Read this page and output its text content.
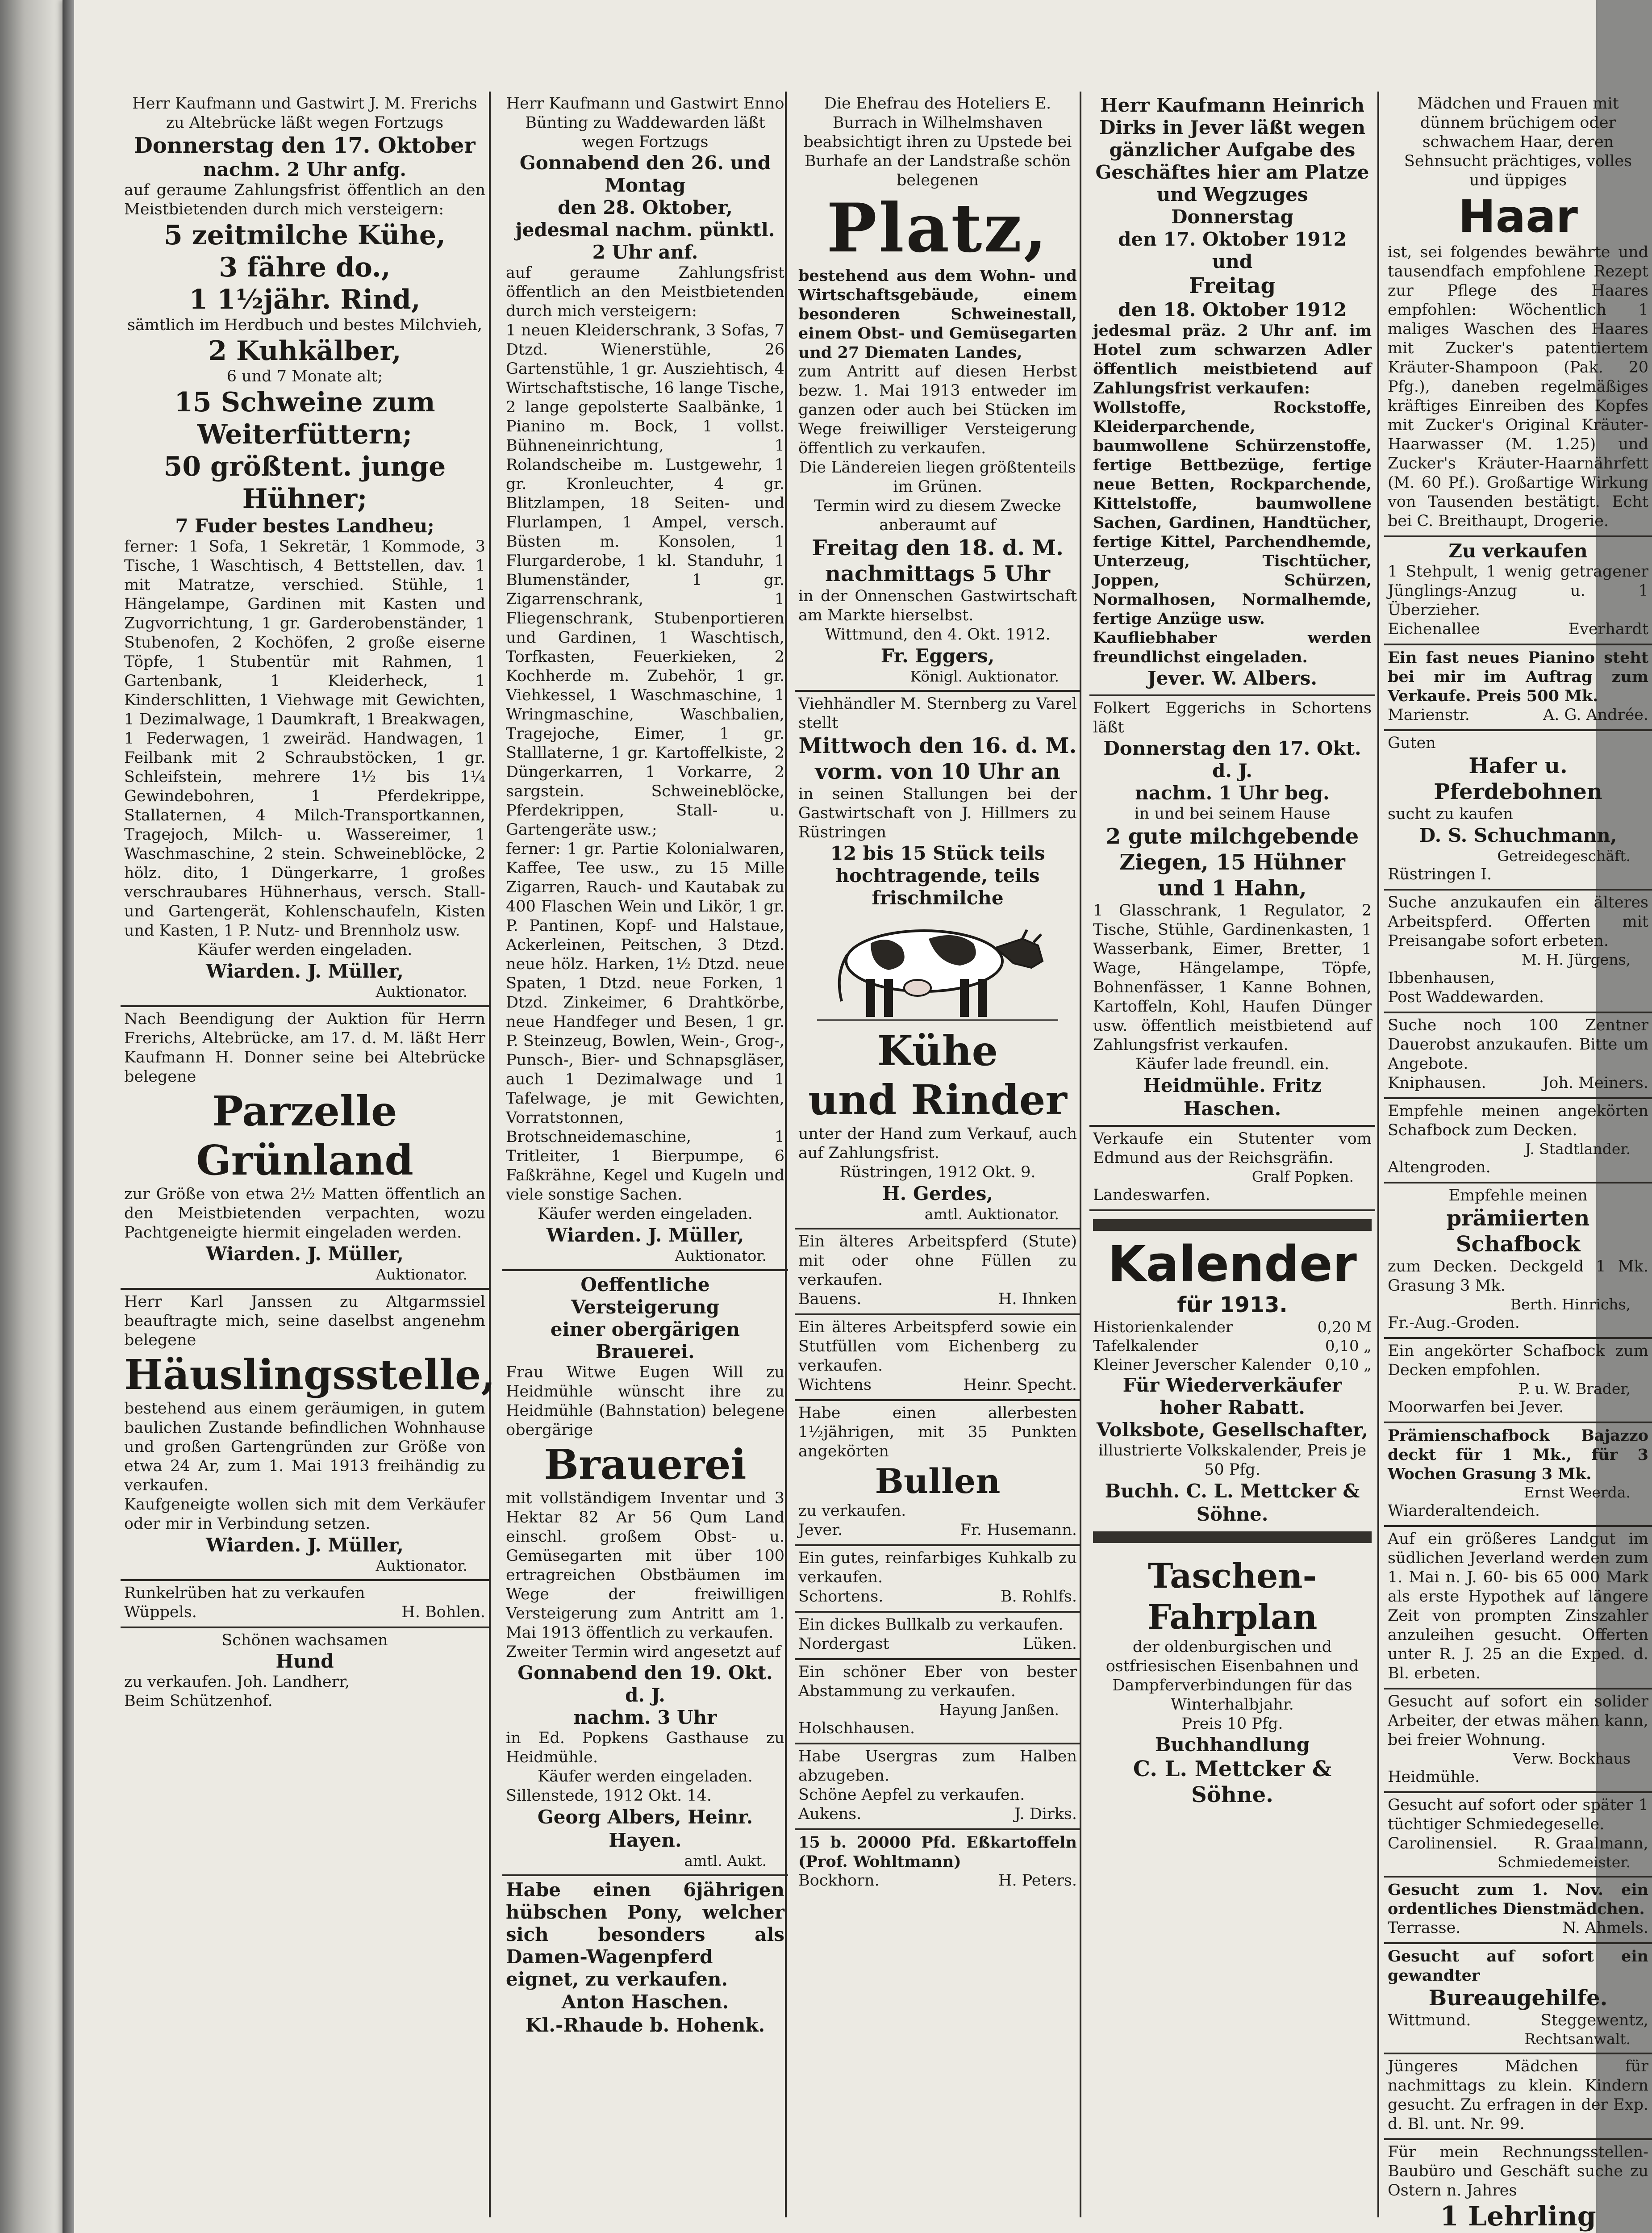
Herr Kaufmann und Gastwirt J. M. Frerichs zu Altebrücke läßt wegen Fortzugs
Donnerstag den 17. Oktober
nachm. 2 Uhr anfg.
auf geraume Zahlungsfrist öffentlich an den Meistbietenden durch mich versteigern:
5 zeitmilche Kühe,
3 fähre do.,
1 1½jähr. Rind,
sämtlich im Herdbuch und bestes Milchvieh,
2 Kuhkälber,
6 und 7 Monate alt;
15 Schweine zum Weiterfüttern;
50 größtent. junge Hühner;
7 Fuder bestes Landheu;
ferner: 1 Sofa, 1 Sekretär, 1 Kommode, 3 Tische, 1 Waschtisch, 4 Bettstellen, dav. 1 mit Matratze, verschied. Stühle, 1 Hängelampe, Gardinen mit Kasten und Zugvorrichtung, 1 gr. Garderobenständer, 1 Stubenofen, 2 Kochöfen, 2 große eiserne Töpfe, 1 Stubentür mit Rahmen, 1 Gartenbank, 1 Kleiderheck, 1 Kinderschlitten, 1 Viehwage mit Gewichten, 1 Dezimalwage, 1 Daumkraft, 1 Breakwagen, 1 Federwagen, 1 zweiräd. Handwagen, 1 Feilbank mit 2 Schraubstöcken, 1 gr. Schleifstein, mehrere 1½ bis 1¼ Gewindebohren, 1 Pferdekrippe, Stallaternen, 4 Milch-Transportkannen, Tragejoch, Milch- u. Wassereimer, 1 Waschmaschine, 2 stein. Schweineblöcke, 2 hölz. dito, 1 Düngerkarre, 1 großes verschraubares Hühnerhaus, versch. Stall- und Gartengerät, Kohlenschaufeln, Kisten und Kasten, 1 P. Nutz- und Brennholz usw.
Käufer werden eingeladen.
Wiarden. J. Müller,
Auktionator.
Nach Beendigung der Auktion für Herrn Frerichs, Altebrücke, am 17. d. M. läßt Herr Kaufmann H. Donner seine bei Altebrücke belegene
Parzelle Grünland
zur Größe von etwa 2½ Matten öffentlich an den Meistbietenden verpachten, wozu Pachtgeneigte hiermit eingeladen werden.
Wiarden. J. Müller,
Auktionator.
Herr Karl Janssen zu Altgarmssiel beauftragte mich, seine daselbst angenehm belegene
Häuslingsstelle,
bestehend aus einem geräumigen, in gutem baulichen Zustande befindlichen Wohnhause und großen Gartengründen zur Größe von etwa 24 Ar, zum 1. Mai 1913 freihändig zu verkaufen.
Kaufgeneigte wollen sich mit dem Verkäufer oder mir in Verbindung setzen.
Wiarden. J. Müller,
Auktionator.
Runkelrüben hat zu verkaufen
Wüppels.	H. Bohlen.
Schönen wachsamen
Hund
zu verkaufen. Joh. Landherr,
Beim Schützenhof.
Herr Kaufmann und Gastwirt Enno Bünting zu Waddewarden läßt wegen Fortzugs
Gonnabend den 26. und Montag
den 28. Oktober,
jedesmal nachm. pünktl. 2 Uhr anf.
auf geraume Zahlungsfrist öffentlich an den Meistbietenden durch mich versteigern:
1 neuen Kleiderschrank, 3 Sofas, 7 Dtzd. Wienerstühle, 26 Gartenstühle, 1 gr. Ausziehtisch, 4 Wirtschaftstische, 16 lange Tische, 2 lange gepolsterte Saalbänke, 1 Pianino m. Bock, 1 vollst. Bühneneinrichtung, 1 Rolandscheibe m. Lustgewehr, 1 gr. Kronleuchter, 4 gr. Blitzlampen, 18 Seiten- und Flurlampen, 1 Ampel, versch. Büsten m. Konsolen, 1 Flurgarderobe, 1 kl. Standuhr, 1 Blumenständer, 1 gr. Zigarrenschrank, 1 Fliegenschrank, Stubenportieren und Gardinen, 1 Waschtisch, Torfkasten, Feuerkieken, 2 Kochherde m. Zubehör, 1 gr. Viehkessel, 1 Waschmaschine, 1 Wringmaschine, Waschbalien, Tragejoche, Eimer, 1 gr. Stalllaterne, 1 gr. Kartoffelkiste, 2 Düngerkarren, 1 Vorkarre, 2 sargstein. Schweineblöcke, Pferdekrippen, Stall- u. Gartengeräte usw.;
ferner: 1 gr. Partie Kolonialwaren, Kaffee, Tee usw., zu 15 Mille Zigarren, Rauch- und Kautabak zu 400 Flaschen Wein und Likör, 1 gr. P. Pantinen, Kopf- und Halstaue, Ackerleinen, Peitschen, 3 Dtzd. neue hölz. Harken, 1½ Dtzd. neue Spaten, 1 Dtzd. neue Forken, 1 Dtzd. Zinkeimer, 6 Drahtkörbe, neue Handfeger und Besen, 1 gr. P. Steinzeug, Bowlen, Wein-, Grog-, Punsch-, Bier- und Schnapsgläser, auch 1 Dezimalwage und 1 Tafelwage, je mit Gewichten, Vorratstonnen, Brotschneidemaschine, 1 Tritleiter, 1 Bierpumpe, 6 Faßkrähne, Kegel und Kugeln und viele sonstige Sachen.
Käufer werden eingeladen.
Wiarden. J. Müller,
Auktionator.
Oeffentliche Versteigerung
einer obergärigen Brauerei.
Frau Witwe Eugen Will zu Heidmühle wünscht ihre zu Heidmühle (Bahnstation) belegene obergärige
Brauerei
mit vollständigem Inventar und 3 Hektar 82 Ar 56 Qum Land einschl. großem Obst- u. Gemüsegarten mit über 100 ertragreichen Obstbäumen im Wege der freiwilligen Versteigerung zum Antritt am 1. Mai 1913 öffentlich zu verkaufen.
Zweiter Termin wird angesetzt auf
Gonnabend den 19. Okt. d. J.
nachm. 3 Uhr
in Ed. Popkens Gasthause zu Heidmühle.
Käufer werden eingeladen.
Sillenstede, 1912 Okt. 14.
Georg Albers, Heinr. Hayen.
amtl. Aukt.
Habe einen 6jährigen hübschen Pony, welcher sich besonders als Damen-Wagenpferd eignet, zu verkaufen.
Anton Haschen.
Kl.-Rhaude b. Hohenk.
Die Ehefrau des Hoteliers E. Burrach in Wilhelmshaven beabsichtigt ihren zu Upstede bei Burhafe an der Landstraße schön belegenen
Platz,
bestehend aus dem Wohn- und Wirtschaftsgebäude, einem besonderen Schweinestall, einem Obst- und Gemüsegarten und 27 Diematen Landes,
zum Antritt auf diesen Herbst bezw. 1. Mai 1913 entweder im ganzen oder auch bei Stücken im Wege freiwilliger Versteigerung öffentlich zu verkaufen.
Die Ländereien liegen größtenteils im Grünen.
Termin wird zu diesem Zwecke anberaumt auf
Freitag den 18. d. M.
nachmittags 5 Uhr
in der Onnenschen Gastwirtschaft am Markte hierselbst.
Wittmund, den 4. Okt. 1912.
Fr. Eggers,
Königl. Auktionator.
Viehhändler M. Sternberg zu Varel stellt
Mittwoch den 16. d. M.
vorm. von 10 Uhr an
in seinen Stallungen bei der Gastwirtschaft von J. Hillmers zu Rüstringen
12 bis 15 Stück teils hochtragende, teils frischmilche
Kühe
und Rinder
unter der Hand zum Verkauf, auch auf Zahlungsfrist.
Rüstringen, 1912 Okt. 9.
H. Gerdes,
amtl. Auktionator.
Ein älteres Arbeitspferd (Stute) mit oder ohne Füllen zu verkaufen.
Bauens.	H. Ihnken
Ein älteres Arbeitspferd sowie ein Stutfüllen vom Eichenberg zu verkaufen.
Wichtens	Heinr. Specht.
Habe einen allerbesten 1½jährigen, mit 35 Punkten angekörten
Bullen
zu verkaufen.
Jever.	Fr. Husemann.
Ein gutes, reinfarbiges Kuhkalb zu verkaufen.
Schortens.	B. Rohlfs.
Ein dickes Bullkalb zu verkaufen.
Nordergast	Lüken.
Ein schöner Eber von bester Abstammung zu verkaufen.
Hayung Janßen.
Holschhausen.
Habe Usergras zum Halben abzugeben.
Schöne Aepfel zu verkaufen.
Aukens.	J. Dirks.
15 b. 20000 Pfd. Eßkartoffeln (Prof. Wohltmann)
Bockhorn.	H. Peters.
Herr Kaufmann Heinrich Dirks in Jever läßt wegen gänzlicher Aufgabe des Geschäftes hier am Platze und Wegzuges
Donnerstag
den 17. Oktober 1912
und
Freitag
den 18. Oktober 1912
jedesmal präz. 2 Uhr anf. im Hotel zum schwarzen Adler öffentlich meistbietend auf Zahlungsfrist verkaufen:
Wollstoffe, Rockstoffe, Kleiderparchende, baumwollene Schürzenstoffe, fertige Bettbezüge, fertige neue Betten, Rockparchende, Kittelstoffe, baumwollene Sachen, Gardinen, Handtücher, fertige Kittel, Parchendhemde, Unterzeug, Tischtücher, Joppen, Schürzen, Normalhosen, Normalhemde, fertige Anzüge usw.
Kaufliebhaber werden freundlichst eingeladen.
Jever. W. Albers.
Folkert Eggerichs in Schortens läßt
Donnerstag den 17. Okt. d. J.
nachm. 1 Uhr beg.
in und bei seinem Hause
2 gute milchgebende Ziegen, 15 Hühner und 1 Hahn,
1 Glasschrank, 1 Regulator, 2 Tische, Stühle, Gardinenkasten, 1 Wasserbank, Eimer, Bretter, 1 Wage, Hängelampe, Töpfe, Bohnenfässer, 1 Kanne Bohnen, Kartoffeln, Kohl, Haufen Dünger usw. öffentlich meistbietend auf Zahlungsfrist verkaufen.
Käufer lade freundl. ein.
Heidmühle. Fritz Haschen.
Verkaufe ein Stutenter vom Edmund aus der Reichsgräfin.
Gralf Popken.
Landeswarfen.
Kalender
für 1913.
Historienkalender	0,20 M
Tafelkalender	0,10 „
Kleiner Jeverscher Kalender 0,10 „
Für Wiederverkäufer hoher Rabatt.
Volksbote, Gesellschafter,
illustrierte Volkskalender, Preis je 50 Pfg.
Buchh. C. L. Mettcker & Söhne.
Taschen-Fahrplan
der oldenburgischen und ostfriesischen Eisenbahnen und Dampferverbindungen für das Winterhalbjahr.
Preis 10 Pfg.
Buchhandlung
C. L. Mettcker & Söhne.
Mädchen und Frauen mit dünnem brüchigem oder schwachem Haar, deren Sehnsucht prächtiges, volles und üppiges
Haar
ist, sei folgendes bewährte und tausendfach empfohlene Rezept zur Pflege des Haares empfohlen: Wöchentlich 1 maliges Waschen des Haares mit Zucker's patentiertem Kräuter-Shampoon (Pak. 20 Pfg.), daneben regelmäßiges kräftiges Einreiben des Kopfes mit Zucker's Original Kräuter-Haarwasser (M. 1.25) und Zucker's Kräuter-Haarnährfett (M. 60 Pf.). Großartige Wirkung von Tausenden bestätigt. Echt bei C. Breithaupt, Drogerie.
Zu verkaufen
1 Stehpult, 1 wenig getragener Jünglings-Anzug u. 1 Überzieher.
Eichenallee	Everhardt
Ein fast neues Pianino steht bei mir im Auftrag zum Verkaufe. Preis 500 Mk.
Marienstr.	A. G. Andrée.
Guten
Hafer u. Pferdebohnen
sucht zu kaufen
D. S. Schuchmann,
Getreidegeschäft.
Rüstringen I.
Suche anzukaufen ein älteres Arbeitspferd. Offerten mit Preisangabe sofort erbeten.
M. H. Jürgens,
Ibbenhausen,
Post Waddewarden.
Suche noch 100 Zentner Dauerobst anzukaufen. Bitte um Angebote.
Kniphausen.	Joh. Meiners.
Empfehle meinen angekörten Schafbock zum Decken.
J. Stadtlander.
Altengroden.
Empfehle meinen
prämiierten Schafbock
zum Decken. Deckgeld 1 Mk. Grasung 3 Mk.
Berth. Hinrichs,
Fr.-Aug.-Groden.
Ein angekörter Schafbock zum Decken empfohlen.
P. u. W. Brader,
Moorwarfen bei Jever.
Prämienschafbock Bajazzo deckt für 1 Mk., für 3 Wochen Grasung 3 Mk.
Ernst Weerda.
Wiarderaltendeich.
Auf ein größeres Landgut im südlichen Jeverland werden zum 1. Mai n. J. 60- bis 65 000 Mark als erste Hypothek auf längere Zeit von prompten Zinszahler anzuleihen gesucht. Offerten unter R. J. 25 an die Exped. d. Bl. erbeten.
Gesucht auf sofort ein solider Arbeiter, der etwas mähen kann, bei freier Wohnung.
Verw. Bockhaus
Heidmühle.
Gesucht auf sofort oder später 1 tüchtiger Schmiedegeselle.
Carolinensiel. R. Graalmann,
Schmiedemeister.
Gesucht zum 1. Nov. ein ordentliches Dienstmädchen.
Terrasse.	N. Ahmels.
Gesucht auf sofort ein gewandter
Bureaugehilfe.
Wittmund.	Steggewentz,
Rechtsanwalt.
Jüngeres Mädchen für nachmittags zu klein. Kindern gesucht. Zu erfragen in der Exp. d. Bl. unt. Nr. 99.
Für mein Rechnungsstellen-Baubüro und Geschäft suche zu Ostern n. Jahres
1 Lehrling
